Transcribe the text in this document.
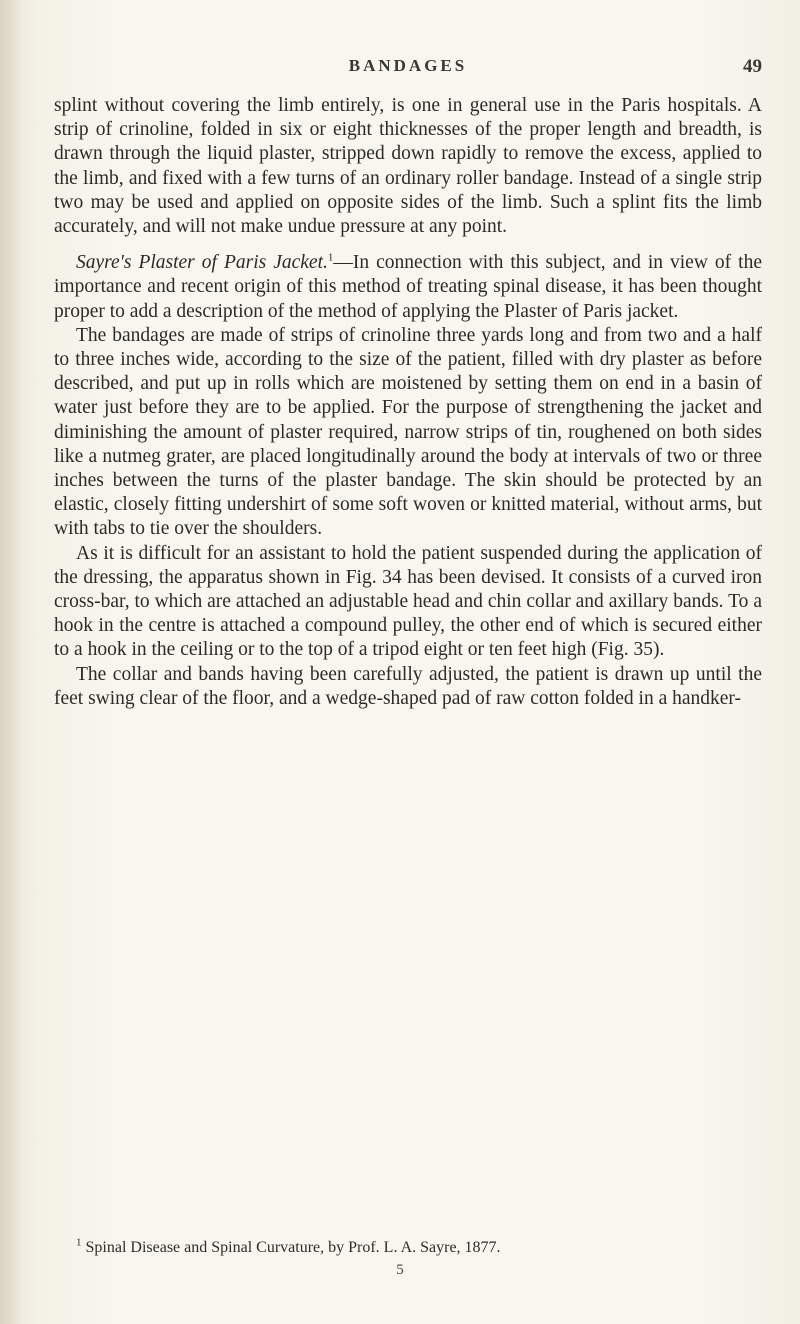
BANDAGES	49

splint without covering the limb entirely, is one in general use in the Paris hospitals. A strip of crinoline, folded in six or eight thicknesses of the proper length and breadth, is drawn through the liquid plaster, stripped down rapidly to remove the excess, applied to the limb, and fixed with a few turns of an ordinary roller bandage. Instead of a single strip two may be used and applied on opposite sides of the limb. Such a splint fits the limb accurately, and will not make undue pressure at any point.

Sayre's Plaster of Paris Jacket.$^1$—In connection with this subject, and in view of the importance and recent origin of this method of treating spinal disease, it has been thought proper to add a description of the method of applying the Plaster of Paris jacket.

The bandages are made of strips of crinoline three yards long and from two and a half to three inches wide, according to the size of the patient, filled with dry plaster as before described, and put up in rolls which are moistened by setting them on end in a basin of water just before they are to be applied. For the purpose of strengthening the jacket and diminishing the amount of plaster required, narrow strips of tin, roughened on both sides like a nutmeg grater, are placed longitudinally around the body at intervals of two or three inches between the turns of the plaster bandage. The skin should be protected by an elastic, closely fitting undershirt of some soft woven or knitted material, without arms, but with tabs to tie over the shoulders.

As it is difficult for an assistant to hold the patient suspended during the application of the dressing, the apparatus shown in Fig. 34 has been devised. It consists of a curved iron cross-bar, to which are attached an adjustable head and chin collar and axillary bands. To a hook in the centre is attached a compound pulley, the other end of which is secured either to a hook in the ceiling or to the top of a tripod eight or ten feet high (Fig. 35).

The collar and bands having been carefully adjusted, the patient is drawn up until the feet swing clear of the floor, and a wedge-shaped pad of raw cotton folded in a handker-

$^1$ Spinal Disease and Spinal Curvature, by Prof. L. A. Sayre, 1877.
5
